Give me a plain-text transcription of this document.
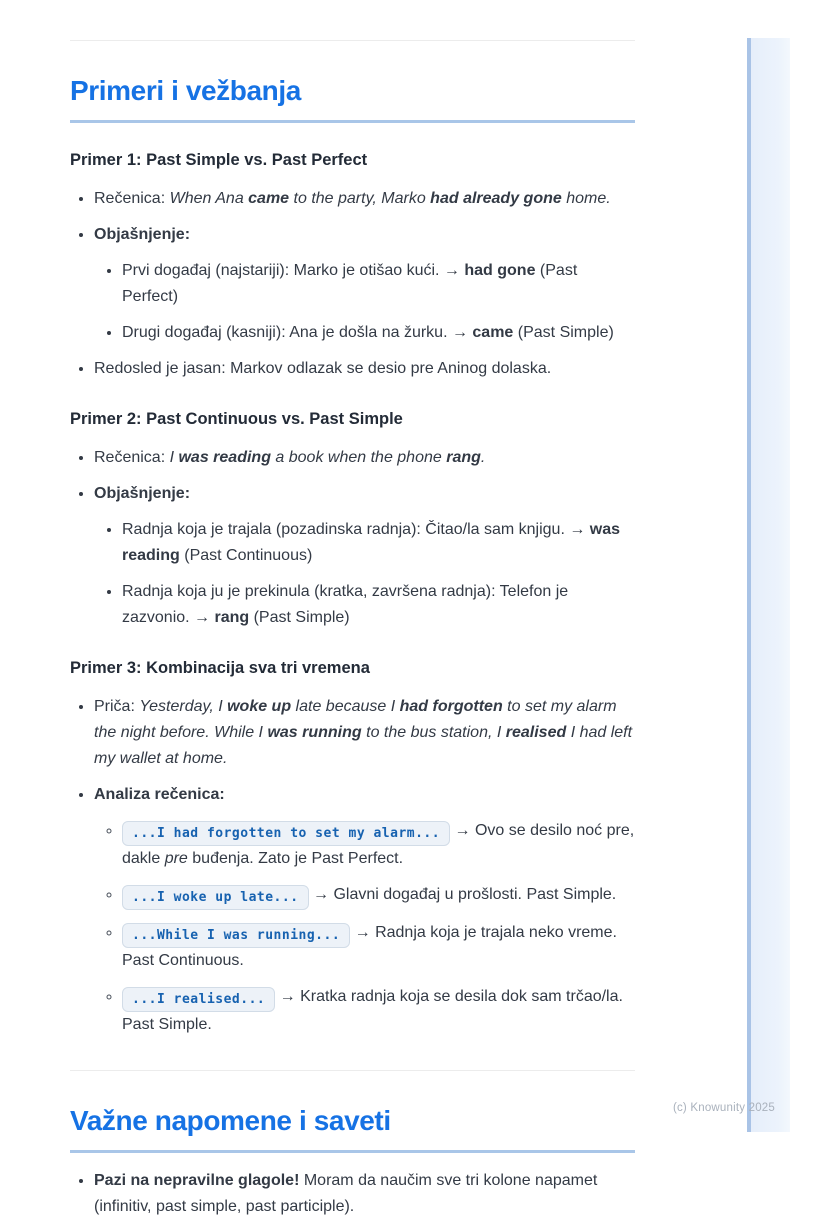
(c) Knowunity 2025
Primeri i vežbanja
Primer 1: Past Simple vs. Past Perfect
• Rečenica: When Ana came to the party, Marko had already gone home.
• Objašnjenje:
• Prvi događaj (najstariji): Marko je otišao kući. → had gone (Past Perfect)
• Drugi događaj (kasniji): Ana je došla na žurku. → came (Past Simple)
• Redosled je jasan: Markov odlazak se desio pre Aninog dolaska.
Primer 2: Past Continuous vs. Past Simple
• Rečenica: I was reading a book when the phone rang.
• Objašnjenje:
• Radnja koja je trajala (pozadinska radnja): Čitao/la sam knjigu. → was reading (Past Continuous)
• Radnja koja ju je prekinula (kratka, završena radnja): Telefon je zazvonio. → rang (Past Simple)
Primer 3: Kombinacija sva tri vremena
• Priča: Yesterday, I woke up late because I had forgotten to set my alarm the night before. While I was running to the bus station, I realised I had left my wallet at home.
• Analiza rečenica:
◦ ...I had forgotten to set my alarm... → Ovo se desilo noć pre, dakle pre buđenja. Zato je Past Perfect.
◦ ...I woke up late... → Glavni događaj u prošlosti. Past Simple.
◦ ...While I was running... → Radnja koja je trajala neko vreme. Past Continuous.
◦ ...I realised... → Kratka radnja koja se desila dok sam trčao/la. Past Simple.
Važne napomene i saveti
• Pazi na nepravilne glagole! Moram da naučim sve tri kolone napamet (infinitiv, past simple, past participle).
